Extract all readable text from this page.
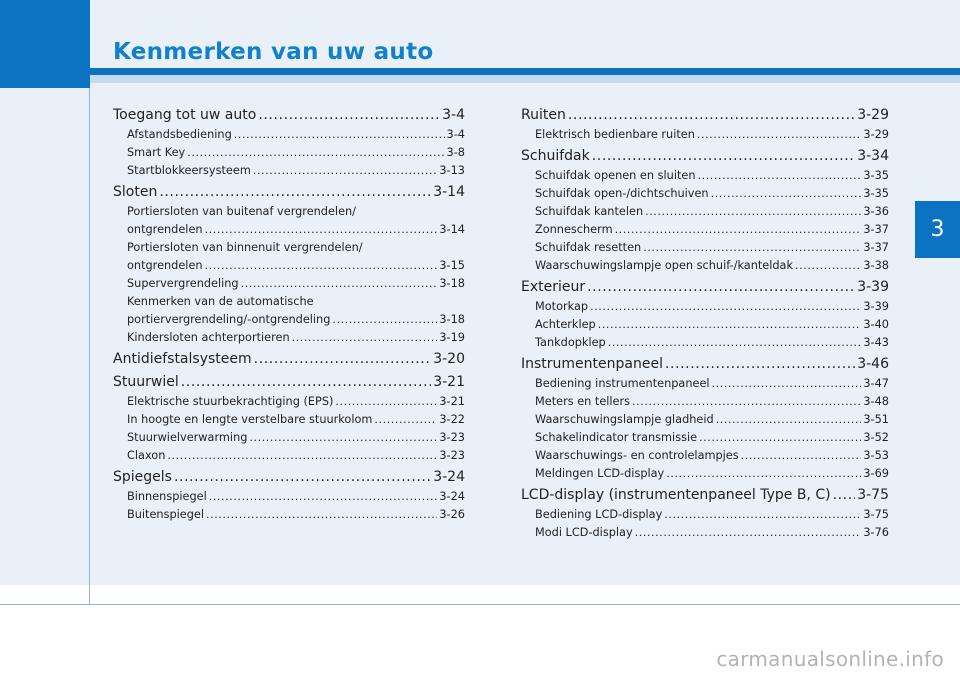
Kenmerken van uw auto
3
Toegang tot uw auto .....	3-4
Afstandsbediening .....	3-4
Smart Key .....	3-8
Startblokkeersysteem .....	3-13
Sloten .....	3-14
Portiersloten van buitenaf vergrendelen/
ontgrendelen .....	3-14
Portiersloten van binnenuit vergrendelen/
ontgrendelen .....	3-15
Supervergrendeling .....	3-18
Kenmerken van de automatische
portiervergrendeling/-ontgrendeling .....	3-18
Kindersloten achterportieren .....	3-19
Antidiefstalsysteem .....	3-20
Stuurwiel .....	3-21
Elektrische stuurbekrachtiging (EPS) .....	3-21
In hoogte en lengte verstelbare stuurkolom .....	3-22
Stuurwielverwarming .....	3-23
Claxon .....	3-23
Spiegels .....	3-24
Binnenspiegel .....	3-24
Buitenspiegel .....	3-26
Ruiten .....	3-29
Elektrisch bedienbare ruiten .....	3-29
Schuifdak .....	3-34
Schuifdak openen en sluiten .....	3-35
Schuifdak open-/dichtschuiven .....	3-35
Schuifdak kantelen .....	3-36
Zonnescherm .....	3-37
Schuifdak resetten .....	3-37
Waarschuwingslampje open schuif-/kanteldak .....	3-38
Exterieur .....	3-39
Motorkap .....	3-39
Achterklep .....	3-40
Tankdopklep .....	3-43
Instrumentenpaneel .....	3-46
Bediening instrumentenpaneel .....	3-47
Meters en tellers .....	3-48
Waarschuwingslampje gladheid .....	3-51
Schakelindicator transmissie .....	3-52
Waarschuwings- en controlelampjes .....	3-53
Meldingen LCD-display .....	3-69
LCD-display (instrumentenpaneel Type B, C) ..... 3-75
Bediening LCD-display .....	3-75
Modi LCD-display .....	3-76
carmanualsonline.info
